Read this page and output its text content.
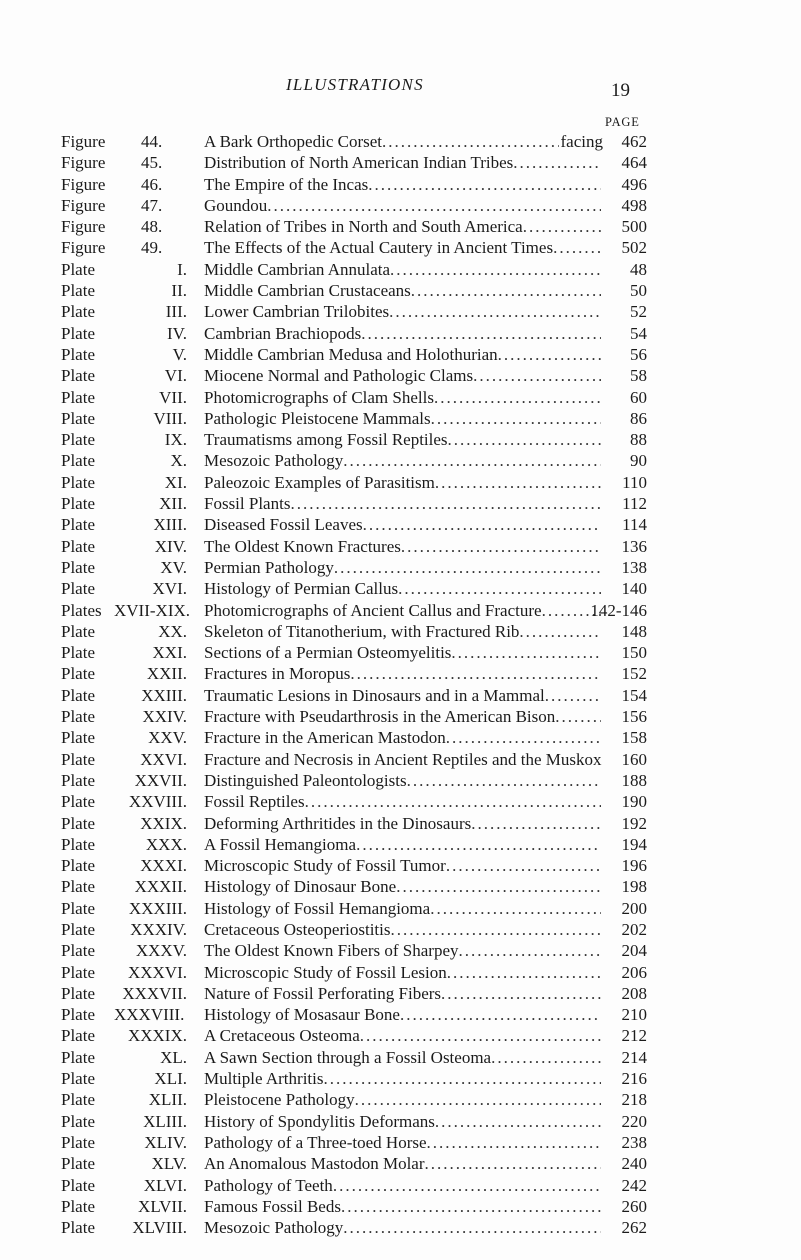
ILLUSTRATIONS	19
PAGE
Figure 44. A Bark Orthopedic Corset .....	facing 462
Figure 45. Distribution of North American Indian Tribes .....	464
Figure 46. The Empire of the Incas .....	496
Figure 47. Goundou .....	498
Figure 48. Relation of Tribes in North and South America .....	500
Figure 49. The Effects of the Actual Cautery in Ancient Times .....	502
Plate	I. Middle Cambrian Annulata .....	48
Plate	II. Middle Cambrian Crustaceans .....	50
Plate	III. Lower Cambrian Trilobites .....	52
Plate	IV. Cambrian Brachiopods .....	54
Plate	V. Middle Cambrian Medusa and Holothurian .....	56
Plate	VI. Miocene Normal and Pathologic Clams .....	58
Plate	VII. Photomicrographs of Clam Shells .....	60
Plate	VIII. Pathologic Pleistocene Mammals .....	86
Plate	IX. Traumatisms among Fossil Reptiles .....	88
Plate	X. Mesozoic Pathology .....	90
Plate	XI. Paleozoic Examples of Parasitism .....	110
Plate	XII. Fossil Plants .....	112
Plate	XIII. Diseased Fossil Leaves .....	114
Plate	XIV. The Oldest Known Fractures .....	136
Plate	XV. Permian Pathology .....	138
Plate	XVI. Histology of Permian Callus .....	140
Plates XVII-XIX. Photomicrographs of Ancient Callus and Fracture .....	142-146
Plate	XX. Skeleton of Titanotherium, with Fractured Rib .....	148
Plate	XXI. Sections of a Permian Osteomyelitis .....	150
Plate	XXII. Fractures in Moropus .....	152
Plate	XXIII. Traumatic Lesions in Dinosaurs and in a Mammal .....	154
Plate	XXIV. Fracture with Pseudarthrosis in the American Bison .....	156
Plate	XXV. Fracture in the American Mastodon .....	158
Plate	XXVI. Fracture and Necrosis in Ancient Reptiles and the Muskox 160
Plate XXVII. Distinguished Paleontologists .....	188
Plate XXVIII. Fossil Reptiles .....	190
Plate	XXIX. Deforming Arthritides in the Dinosaurs .....	192
Plate	XXX. A Fossil Hemangioma .....	194
Plate	XXXI. Microscopic Study of Fossil Tumor .....	196
Plate XXXII. Histology of Dinosaur Bone .....	198
Plate XXXIII. Histology of Fossil Hemangioma .....	200
Plate XXXIV. Cretaceous Osteoperiostitis .....	202
Plate XXXV. The Oldest Known Fibers of Sharpey .....	204
Plate XXXVI. Microscopic Study of Fossil Lesion .....	206
Plate XXXVII. Nature of Fossil Perforating Fibers .....	208
Plate XXXVIII. Histology of Mosasaur Bone .....	210
Plate XXXIX. A Cretaceous Osteoma .....	212
Plate	XL. A Sawn Section through a Fossil Osteoma .....	214
Plate	XLI. Multiple Arthritis .....	216
Plate	XLII. Pleistocene Pathology .....	218
Plate	XLIII. History of Spondylitis Deformans .....	220
Plate	XLIV. Pathology of a Three-toed Horse .....	238
Plate	XLV. An Anomalous Mastodon Molar .....	240
Plate	XLVI. Pathology of Teeth .....	242
Plate	XLVII. Famous Fossil Beds .....	260
Plate XLVIII. Mesozoic Pathology .....	262
